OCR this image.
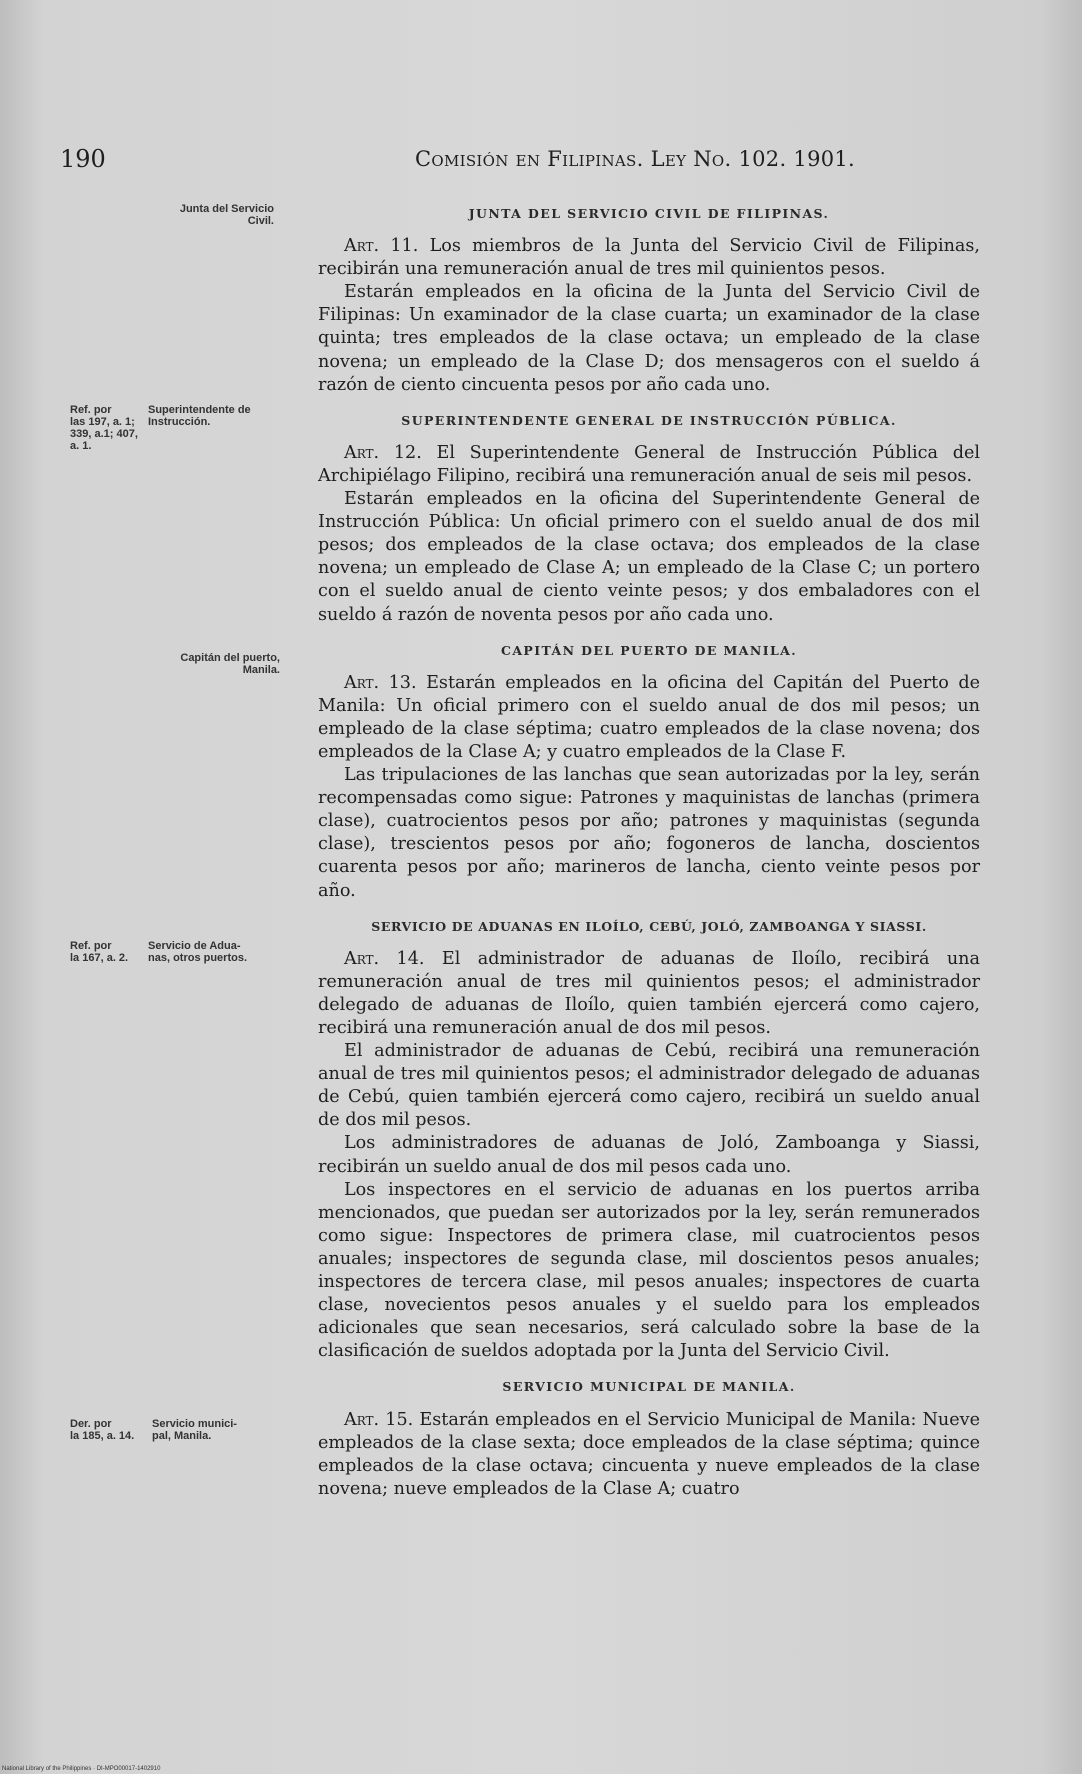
190	Comisión en Filipinas. Ley No. 102. 1901.
Junta del Servicio
Civil.
Ref. por
las 197, a. 1;
339, a.1; 407,
a. 1.
Superintendente de
Instrucción.
Capitán del puerto,
Manila.
Ref. por
la 167, a. 2.
Servicio de Adua-
nas, otros puertos.
Der. por
la 185, a. 14.
Servicio munici-
pal, Manila.
JUNTA DEL SERVICIO CIVIL DE FILIPINAS.

Art. 11. Los miembros de la Junta del Servicio Civil de Filipinas, recibirán una remuneración anual de tres mil quinientos pesos.

Estarán empleados en la oficina de la Junta del Servicio Civil de Filipinas: Un examinador de la clase cuarta; un examinador de la clase quinta; tres empleados de la clase octava; un empleado de la clase novena; un empleado de la Clase D; dos mensageros con el sueldo á razón de ciento cincuenta pesos por año cada uno.

SUPERINTENDENTE GENERAL DE INSTRUCCIÓN PÚBLICA.

Art. 12. El Superintendente General de Instrucción Pública del Archipiélago Filipino, recibirá una remuneración anual de seis mil pesos.

Estarán empleados en la oficina del Superintendente General de Instrucción Pública: Un oficial primero con el sueldo anual de dos mil pesos; dos empleados de la clase octava; dos empleados de la clase novena; un empleado de Clase A; un empleado de la Clase C; un portero con el sueldo anual de ciento veinte pesos; y dos embaladores con el sueldo á razón de noventa pesos por año cada uno.

CAPITÁN DEL PUERTO DE MANILA.

Art. 13. Estarán empleados en la oficina del Capitán del Puerto de Manila: Un oficial primero con el sueldo anual de dos mil pesos; un empleado de la clase séptima; cuatro empleados de la clase novena; dos empleados de la Clase A; y cuatro empleados de la Clase F.

Las tripulaciones de las lanchas que sean autorizadas por la ley, serán recompensadas como sigue: Patrones y maquinistas de lanchas (primera clase), cuatrocientos pesos por año; patrones y maquinistas (segunda clase), trescientos pesos por año; fogoneros de lancha, doscientos cuarenta pesos por año; marineros de lancha, ciento veinte pesos por año.

SERVICIO DE ADUANAS EN ILOÍLO, CEBÚ, JOLÓ, ZAMBOANGA Y SIASSI.

Art. 14. El administrador de aduanas de Iloílo, recibirá una remuneración anual de tres mil quinientos pesos; el administrador delegado de aduanas de Iloílo, quien también ejercerá como cajero, recibirá una remuneración anual de dos mil pesos.

El administrador de aduanas de Cebú, recibirá una remuneración anual de tres mil quinientos pesos; el administrador delegado de aduanas de Cebú, quien también ejercerá como cajero, recibirá un sueldo anual de dos mil pesos.

Los administradores de aduanas de Joló, Zamboanga y Siassi, recibirán un sueldo anual de dos mil pesos cada uno.

Los inspectores en el servicio de aduanas en los puertos arriba mencionados, que puedan ser autorizados por la ley, serán remunerados como sigue: Inspectores de primera clase, mil cuatrocientos pesos anuales; inspectores de segunda clase, mil doscientos pesos anuales; inspectores de tercera clase, mil pesos anuales; inspectores de cuarta clase, novecientos pesos anuales y el sueldo para los empleados adicionales que sean necesarios, será calculado sobre la base de la clasificación de sueldos adoptada por la Junta del Servicio Civil.

SERVICIO MUNICIPAL DE MANILA.

Art. 15. Estarán empleados en el Servicio Municipal de Manila: Nueve empleados de la clase sexta; doce empleados de la clase séptima; quince empleados de la clase octava; cincuenta y nueve empleados de la clase novena; nueve empleados de la Clase A; cuatro

National Library of the Philippines · DI-MPO00017-1402910
